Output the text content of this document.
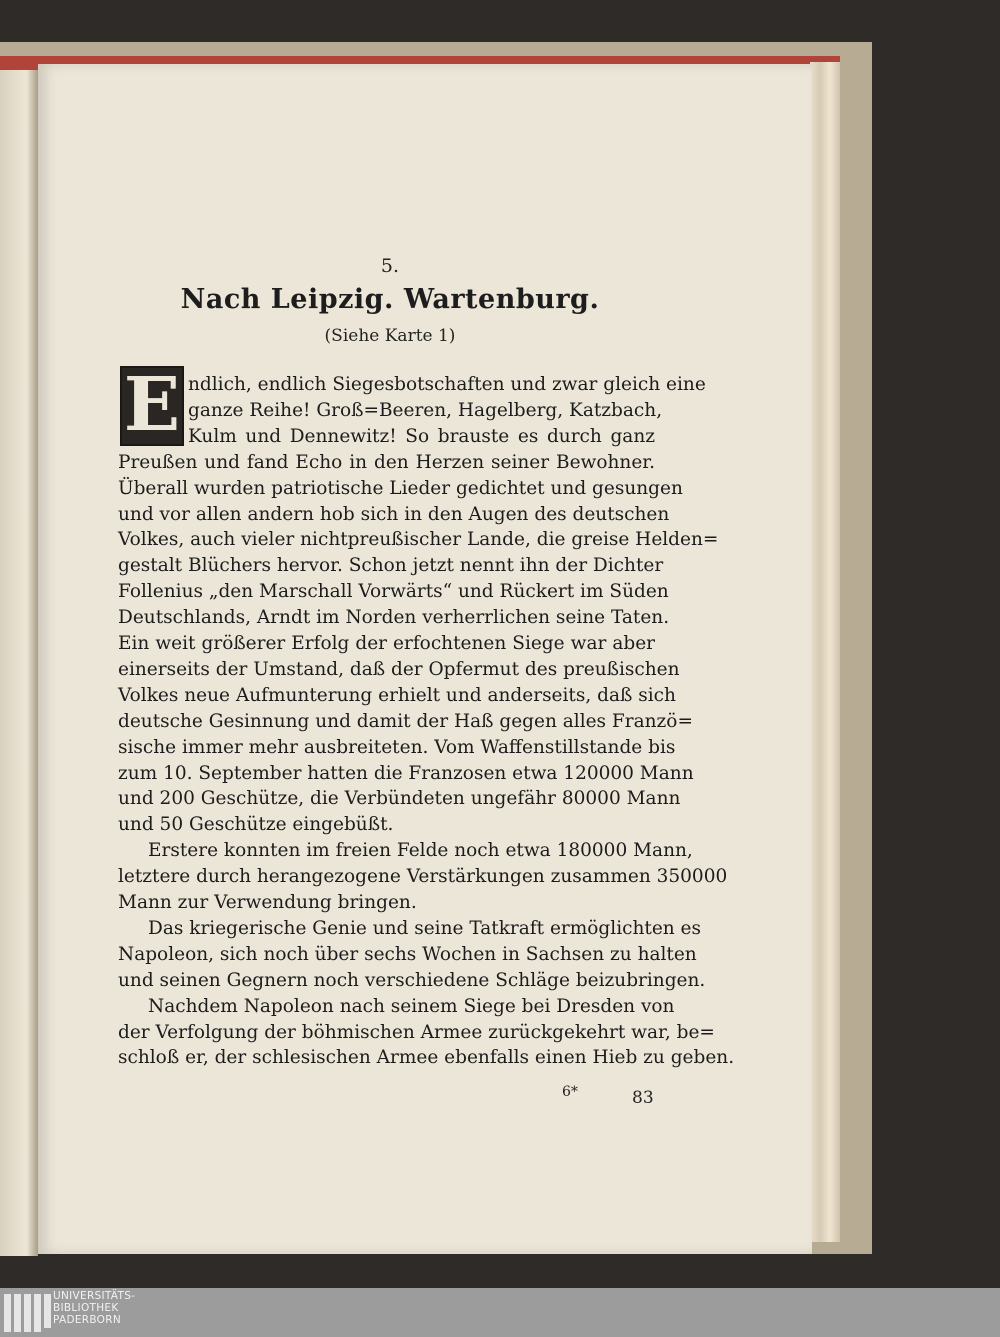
5.
Nach Leipzig. Wartenburg.
(Siehe Karte 1)
E ndlich, endlich Siegesbotschaften und zwar gleich eine
ganze Reihe! Groß=Beeren, Hagelberg, Katzbach,
Kulm und Dennewitz! So brauste es durch ganz
Preußen und fand Echo in den Herzen seiner Bewohner.
Überall wurden patriotische Lieder gedichtet und gesungen
und vor allen andern hob sich in den Augen des deutschen
Volkes, auch vieler nichtpreußischer Lande, die greise Helden=
gestalt Blüchers hervor. Schon jetzt nennt ihn der Dichter
Follenius „den Marschall Vorwärts“ und Rückert im Süden
Deutschlands, Arndt im Norden verherrlichen seine Taten.
Ein weit größerer Erfolg der erfochtenen Siege war aber
einerseits der Umstand, daß der Opfermut des preußischen
Volkes neue Aufmunterung erhielt und anderseits, daß sich
deutsche Gesinnung und damit der Haß gegen alles Franzö=
sische immer mehr ausbreiteten. Vom Waffenstillstande bis
zum 10. September hatten die Franzosen etwa 120000 Mann
und 200 Geschütze, die Verbündeten ungefähr 80000 Mann
und 50 Geschütze eingebüßt.
Erstere konnten im freien Felde noch etwa 180000 Mann,
letztere durch herangezogene Verstärkungen zusammen 350000
Mann zur Verwendung bringen.
Das kriegerische Genie und seine Tatkraft ermöglichten es
Napoleon, sich noch über sechs Wochen in Sachsen zu halten
und seinen Gegnern noch verschiedene Schläge beizubringen.
Nachdem Napoleon nach seinem Siege bei Dresden von
der Verfolgung der böhmischen Armee zurückgekehrt war, be=
schloß er, der schlesischen Armee ebenfalls einen Hieb zu geben.
6*	83
UNIVERSITÄTS-
BIBLIOTHEK
PADERBORN
